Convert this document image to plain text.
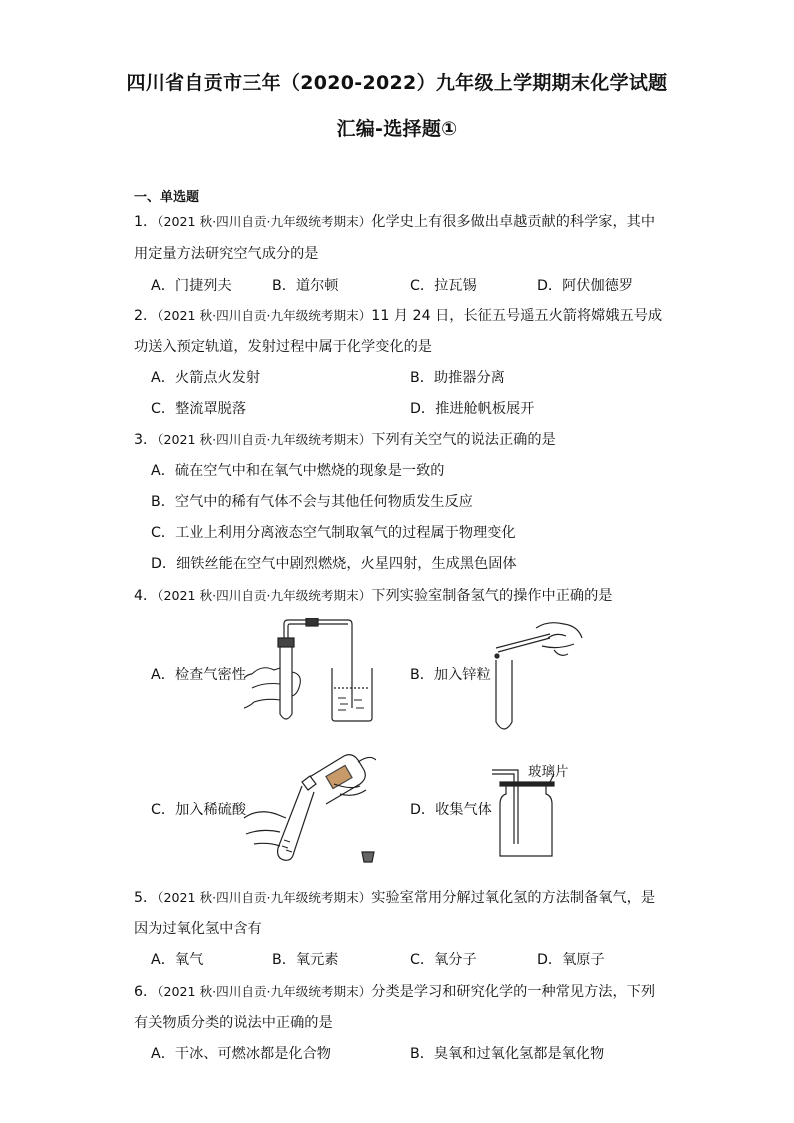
四川省自贡市三年（2020-2022）九年级上学期期末化学试题
汇编-选择题①
一、单选题
1．（2021 秋·四川自贡·九年级统考期末）化学史上有很多做出卓越贡献的科学家，其中
用定量方法研究空气成分的是
A．门捷列夫	B．道尔顿	C．拉瓦锡	D．阿伏伽德罗
2．（2021 秋·四川自贡·九年级统考期末）11 月 24 日，长征五号遥五火箭将嫦娥五号成
功送入预定轨道，发射过程中属于化学变化的是
A．火箭点火发射	B．助推器分离
C．整流罩脱落	D．推进舱帆板展开
3．（2021 秋·四川自贡·九年级统考期末）下列有关空气的说法正确的是
A．硫在空气中和在氧气中燃烧的现象是一致的
B．空气中的稀有气体不会与其他任何物质发生反应
C．工业上利用分离液态空气制取氧气的过程属于物理变化
D．细铁丝能在空气中剧烈燃烧，火星四射，生成黑色固体
4．（2021 秋·四川自贡·九年级统考期末）下列实验室制备氢气的操作中正确的是
A．检查气密性	B．加入锌粒
C．加入稀硫酸	D．收集气体
玻璃片
5．（2021 秋·四川自贡·九年级统考期末）实验室常用分解过氧化氢的方法制备氧气，是
因为过氧化氢中含有
A．氧气	B．氧元素	C．氧分子	D．氧原子
6．（2021 秋·四川自贡·九年级统考期末）分类是学习和研究化学的一种常见方法，下列
有关物质分类的说法中正确的是
A．干冰、可燃冰都是化合物	B．臭氧和过氧化氢都是氧化物
